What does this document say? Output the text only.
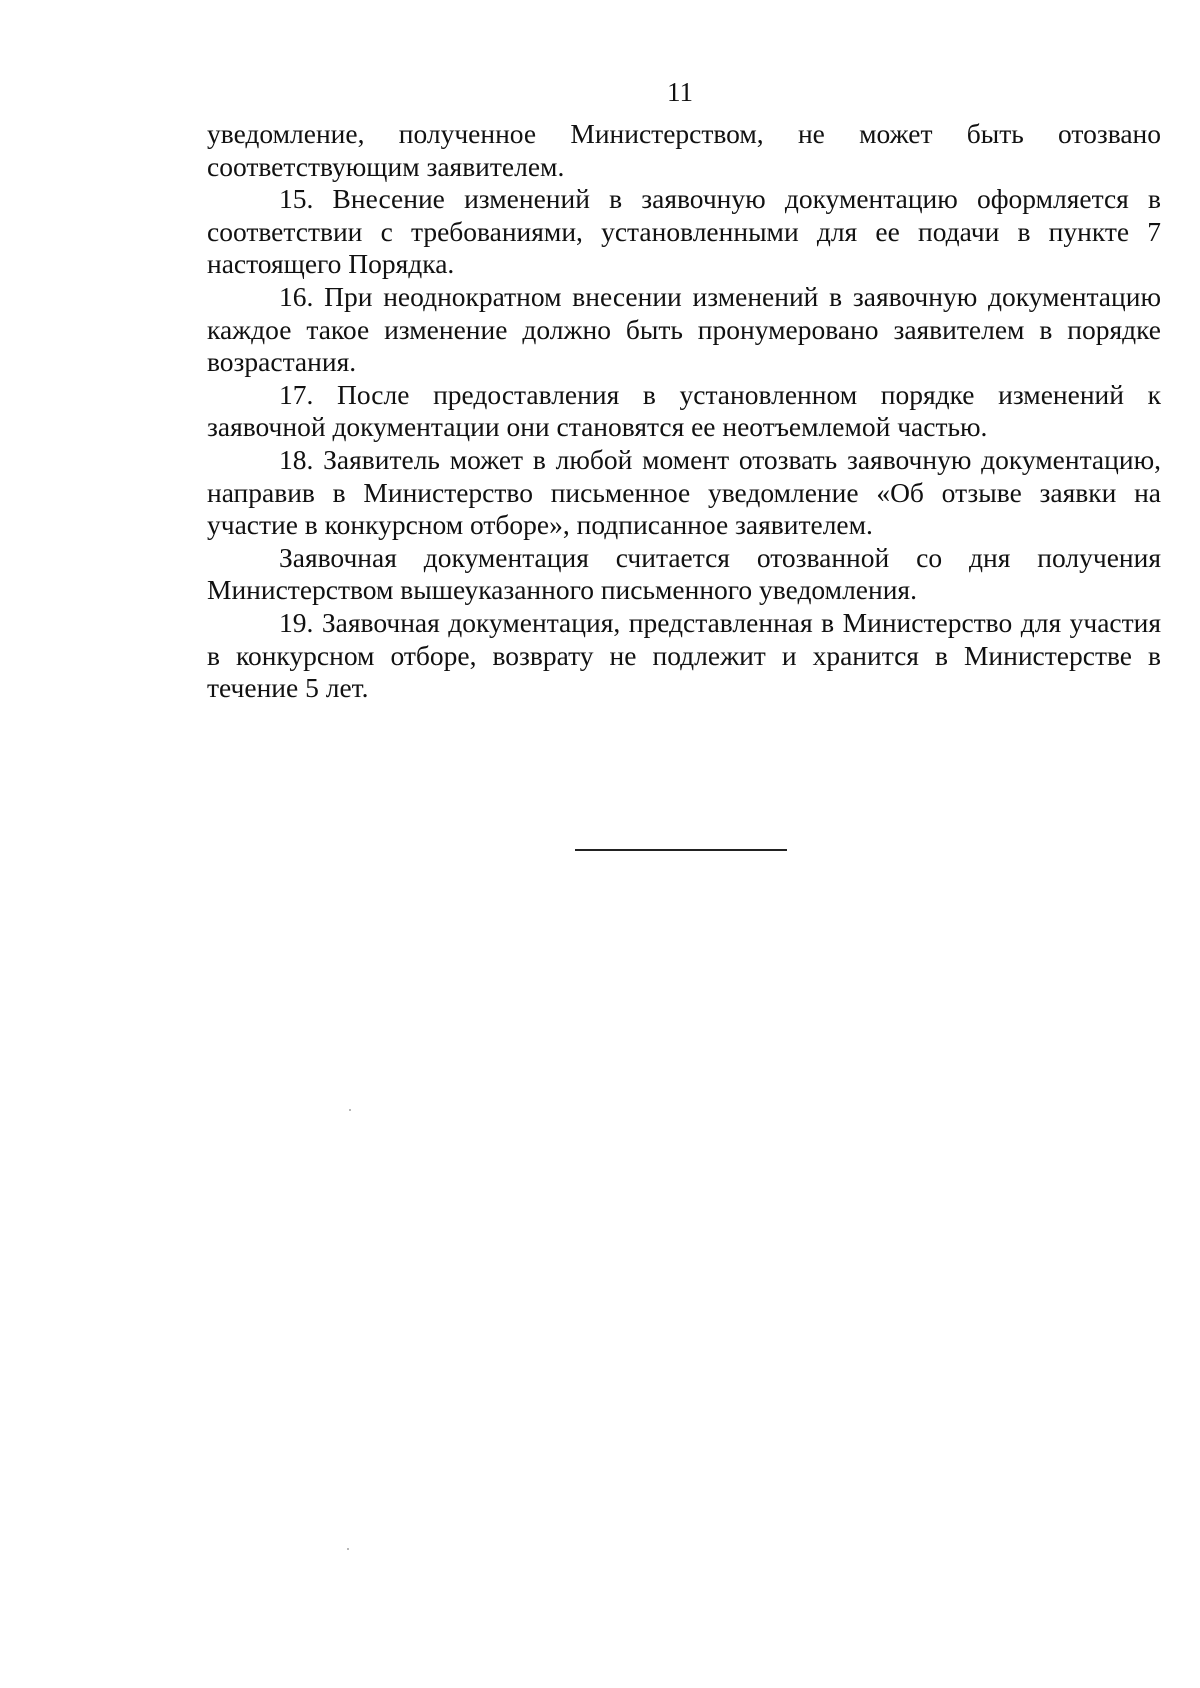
11

уведомление, полученное Министерством, не может быть отозвано соответствующим заявителем.

15. Внесение изменений в заявочную документацию оформляется в соответствии с требованиями, установленными для ее подачи в пункте 7 настоящего Порядка.

16. При неоднократном внесении изменений в заявочную документацию каждое такое изменение должно быть пронумеровано заявителем в порядке возрастания.

17. После предоставления в установленном порядке изменений к заявочной документации они становятся ее неотъемлемой частью.

18. Заявитель может в любой момент отозвать заявочную документацию, направив в Министерство письменное уведомление «Об отзыве заявки на участие в конкурсном отборе», подписанное заявителем.

Заявочная документация считается отозванной со дня получения Министерством вышеуказанного письменного уведомления.

19. Заявочная документация, представленная в Министерство для участия в конкурсном отборе, возврату не подлежит и хранится в Министерстве в течение 5 лет.
